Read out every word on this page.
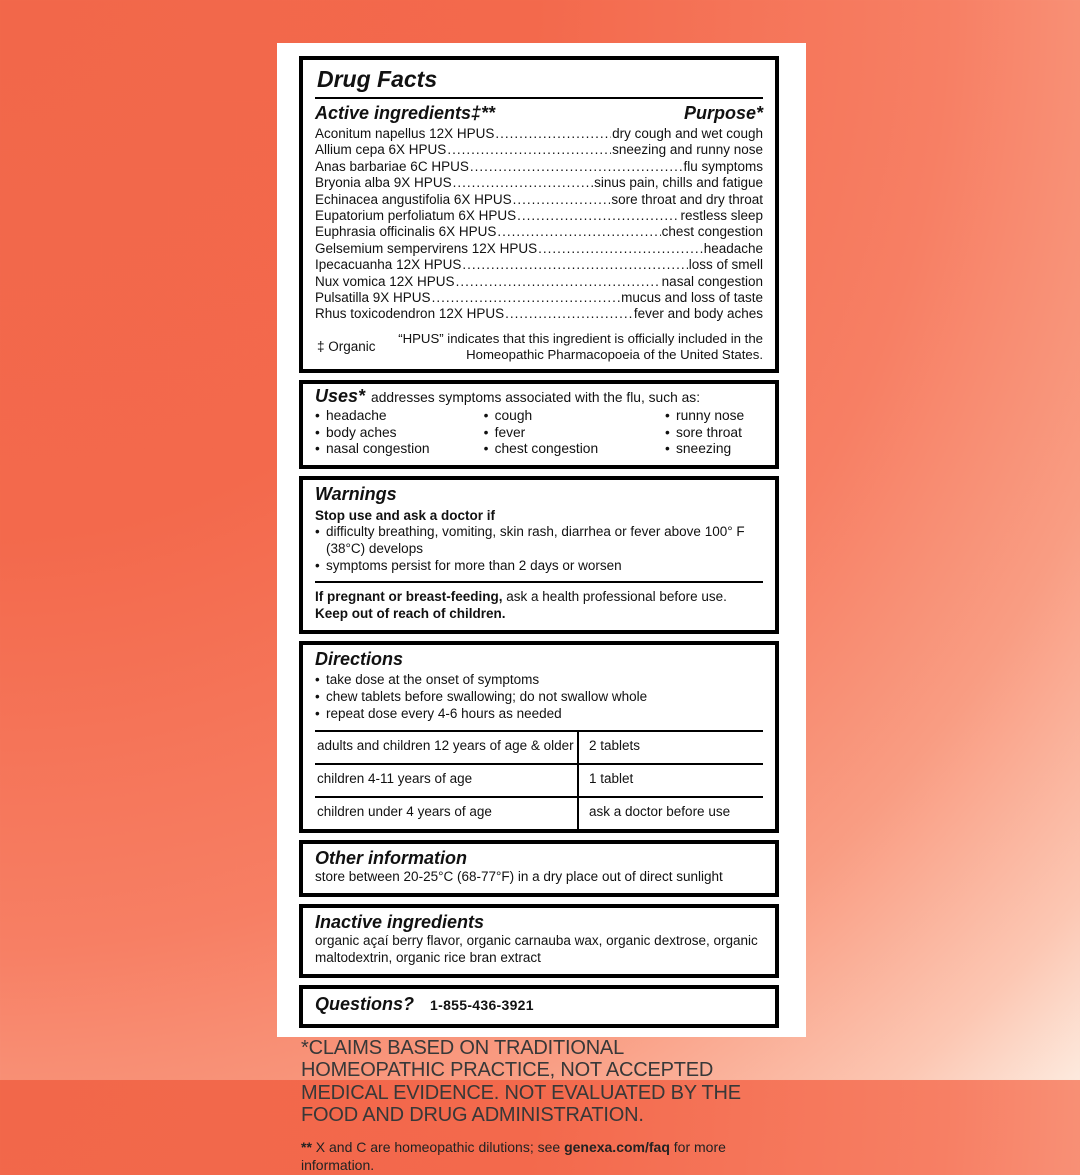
Drug Facts
Active ingredients‡**	Purpose*
Aconitum napellus 12X HPUS .....	dry cough and wet cough
Allium cepa 6X HPUS .....	sneezing and runny nose
Anas barbariae 6C HPUS .....	flu symptoms
Bryonia alba 9X HPUS .....	sinus pain, chills and fatigue
Echinacea angustifolia 6X HPUS .....	sore throat and dry throat
Eupatorium perfoliatum 6X HPUS .....	restless sleep
Euphrasia officinalis 6X HPUS .....	chest congestion
Gelsemium sempervirens 12X HPUS .....	headache
Ipecacuanha 12X HPUS .....	loss of smell
Nux vomica 12X HPUS .....	nasal congestion
Pulsatilla 9X HPUS .....	mucus and loss of taste
Rhus toxicodendron 12X HPUS .....	fever and body aches
‡ Organic
“HPUS” indicates that this ingredient is officially included in the Homeopathic Pharmacopoeia of the United States.
Uses* addresses symptoms associated with the flu, such as:
• headache
• body aches
• nasal congestion
• cough
• fever
• chest congestion
• runny nose
• sore throat
• sneezing
Warnings
Stop use and ask a doctor if
• difficulty breathing, vomiting, skin rash, diarrhea or fever above 100° F (38°C) develops
• symptoms persist for more than 2 days or worsen
If pregnant or breast-feeding, ask a health professional before use.
Keep out of reach of children.
Directions
• take dose at the onset of symptoms
• chew tablets before swallowing; do not swallow whole
• repeat dose every 4-6 hours as needed
adults and children 12 years of age & older	2 tablets
children 4-11 years of age	1 tablet
children under 4 years of age	ask a doctor before use
Other information
store between 20-25°C (68-77°F) in a dry place out of direct sunlight
Inactive ingredients
organic açaí berry flavor, organic carnauba wax, organic dextrose, organic maltodextrin, organic rice bran extract
Questions? 1-855-436-3921
*CLAIMS BASED ON TRADITIONAL HOMEOPATHIC PRACTICE, NOT ACCEPTED MEDICAL EVIDENCE. NOT EVALUATED BY THE FOOD AND DRUG ADMINISTRATION.
** X and C are homeopathic dilutions; see genexa.com/faq for more information.
